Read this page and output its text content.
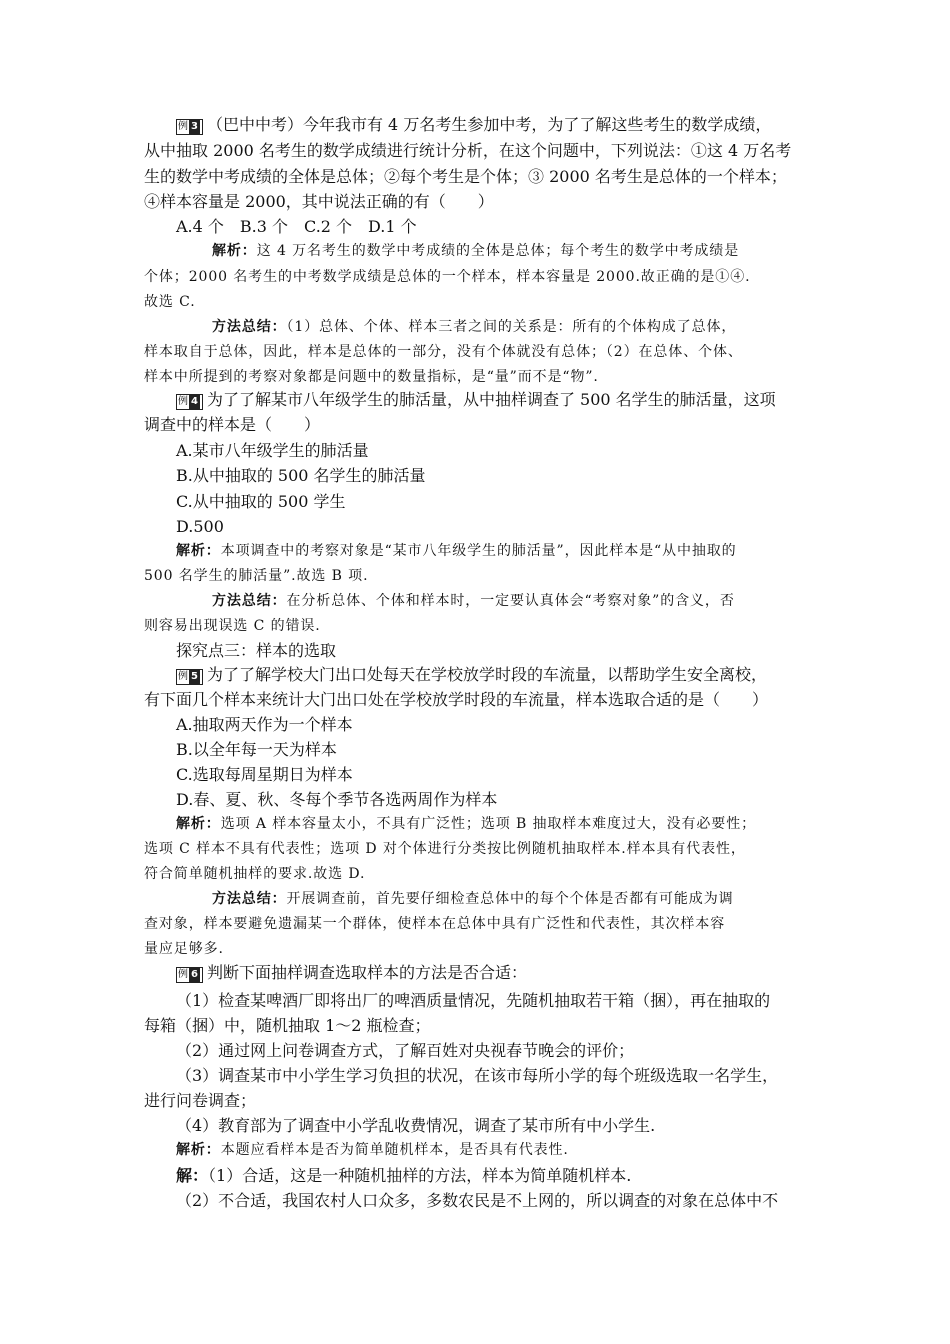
例 3 （巴中中考）今年我市有 4 万名考生参加中考，为了了解这些考生的数学成绩，
从中抽取 2000 名考生的数学成绩进行统计分析，在这个问题中，下列说法：①这 4 万名考
生的数学中考成绩的全体是总体；②每个考生是个体；③ 2000 名考生是总体的一个样本；
④样本容量是 2000，其中说法正确的有（　　）
A.4 个　B.3 个　C.2 个　D.1 个
解析：这 4 万名考生的数学中考成绩的全体是总体；每个考生的数学中考成绩是
个体；2000 名考生的中考数学成绩是总体的一个样本，样本容量是 2000.故正确的是①④.
故选 C.
方法总结：（1）总体、个体、样本三者之间的关系是：所有的个体构成了总体，
样本取自于总体，因此，样本是总体的一部分，没有个体就没有总体；（2）在总体、个体、
样本中所提到的考察对象都是问题中的数量指标，是“量”而不是“物”.
例 4 为了了解某市八年级学生的肺活量，从中抽样调查了 500 名学生的肺活量，这项
调查中的样本是（　　）
A.某市八年级学生的肺活量
B.从中抽取的 500 名学生的肺活量
C.从中抽取的 500 学生
D.500
解析：本项调查中的考察对象是“某市八年级学生的肺活量”，因此样本是“从中抽取的
500 名学生的肺活量”.故选 B 项.
方法总结：在分析总体、个体和样本时，一定要认真体会“考察对象”的含义，否
则容易出现误选 C 的错误.
探究点三：样本的选取
例 5 为了了解学校大门出口处每天在学校放学时段的车流量，以帮助学生安全离校，
有下面几个样本来统计大门出口处在学校放学时段的车流量，样本选取合适的是（　　）
A.抽取两天作为一个样本
B.以全年每一天为样本
C.选取每周星期日为样本
D.春、夏、秋、冬每个季节各选两周作为样本
解析：选项 A 样本容量太小，不具有广泛性；选项 B 抽取样本难度过大，没有必要性；
选项 C 样本不具有代表性；选项 D 对个体进行分类按比例随机抽取样本.样本具有代表性，
符合简单随机抽样的要求.故选 D.
方法总结：开展调查前，首先要仔细检查总体中的每个个体是否都有可能成为调
查对象，样本要避免遗漏某一个群体，使样本在总体中具有广泛性和代表性，其次样本容
量应足够多.
例 6 判断下面抽样调查选取样本的方法是否合适：
（1）检查某啤酒厂即将出厂的啤酒质量情况，先随机抽取若干箱（捆），再在抽取的
每箱（捆）中，随机抽取 1～2 瓶检查；
（2）通过网上问卷调查方式，了解百姓对央视春节晚会的评价；
（3）调查某市中小学生学习负担的状况，在该市每所小学的每个班级选取一名学生，
进行问卷调查；
（4）教育部为了调查中小学乱收费情况，调查了某市所有中小学生.
解析：本题应看样本是否为简单随机样本，是否具有代表性.
解：（1）合适，这是一种随机抽样的方法，样本为简单随机样本.
（2）不合适，我国农村人口众多，多数农民是不上网的，所以调查的对象在总体中不
